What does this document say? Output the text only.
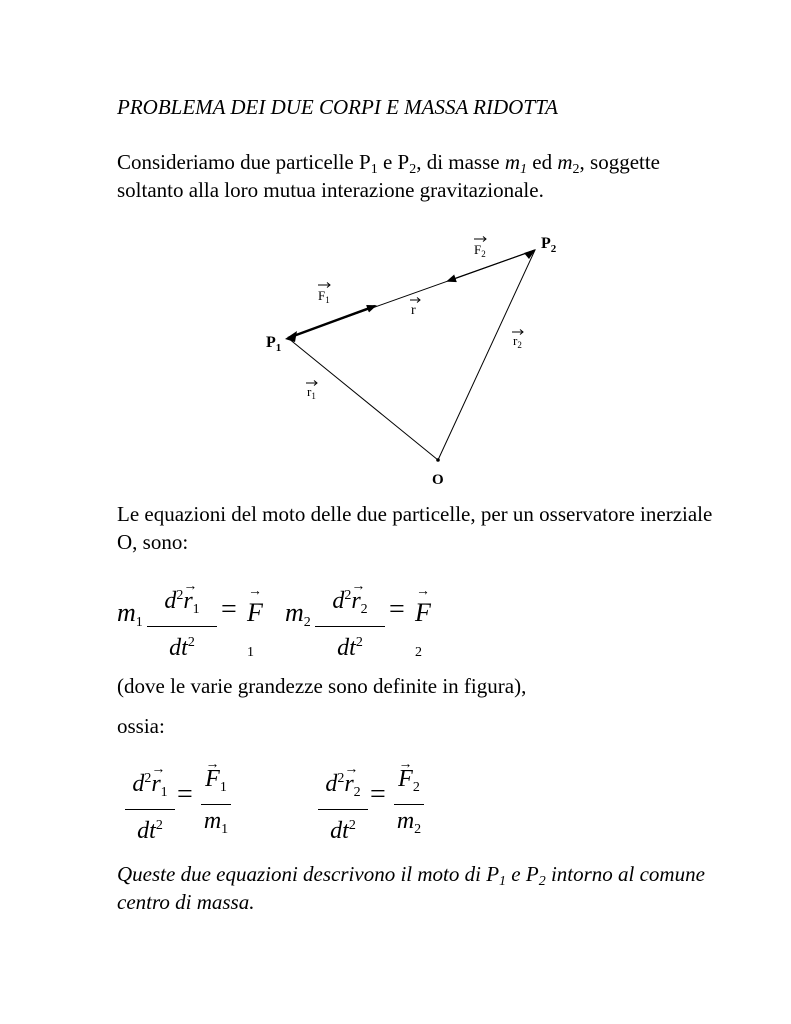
PROBLEMA DEI DUE CORPI E MASSA RIDOTTA
Consideriamo due particelle $P_1$ e $P_2$, di masse $m_1$ ed $m_2$, soggette soltanto alla loro mutua interazione gravitazionale.
$P_1$
$P_2$
O
$F_1$
$F_2$
r
$r_1$
$r_2$
Le equazioni del moto delle due particelle, per un osservatore inerziale O, sono:
m1
$d^2\to r_1$
$dt^2$
= → F1
m2
$d^2\to r_2$
$dt^2$
= → F2
(dove le varie grandezze sono definite in figura),
ossia:
$d^2\to r_1$
$dt^2$
= → $F_1$
$m_1$
$d^2\to r_2$
$dt^2$
= → $F_2$
$m_2$
Queste due equazioni descrivono il moto di $P_1$ e $P_2$ intorno al comune centro di massa.
